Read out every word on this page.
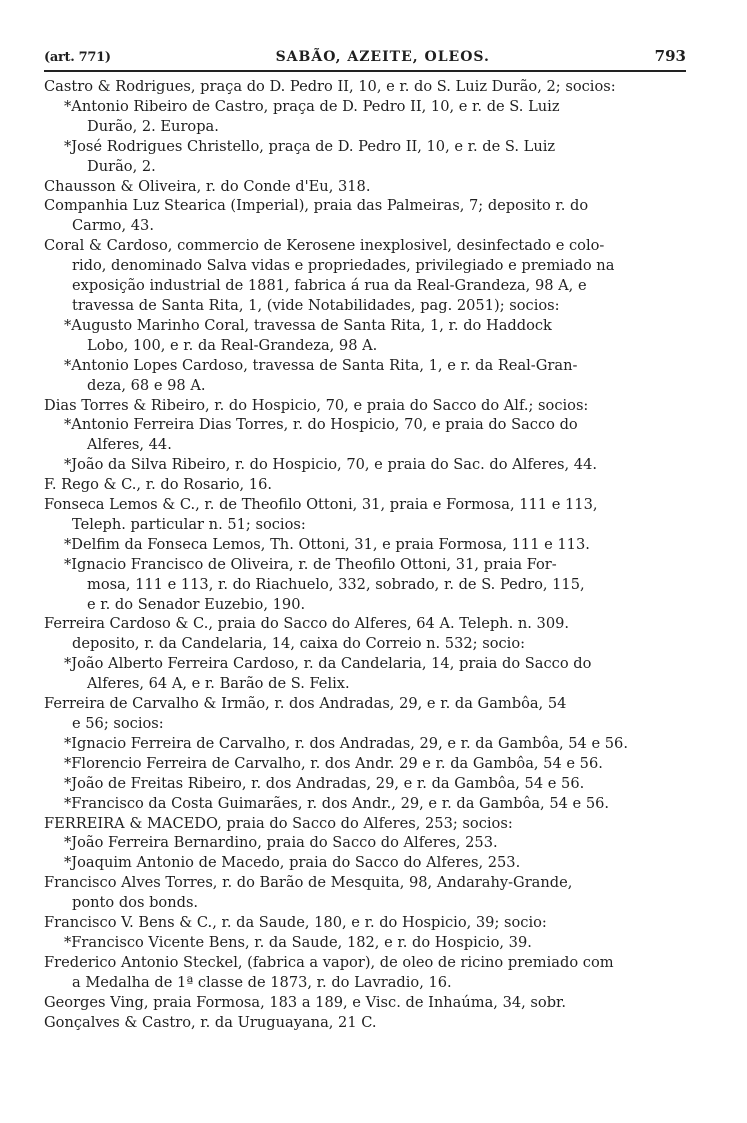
(art. 771)	SABÃO, AZEITE, OLEOS.	793
Castro & Rodrigues, praça do D. Pedro II, 10, e r. do S. Luiz Durão, 2; socios:
*Antonio Ribeiro de Castro, praça de D. Pedro II, 10, e r. de S. Luiz
Durão, 2. Europa.
*José Rodrigues Christello, praça de D. Pedro II, 10, e r. de S. Luiz
Durão, 2.
Chausson & Oliveira, r. do Conde d'Eu, 318.
Companhia Luz Stearica (Imperial), praia das Palmeiras, 7; deposito r. do
Carmo, 43.
Coral & Cardoso, commercio de Kerosene inexplosivel, desinfectado e colo-
rido, denominado Salva vidas e propriedades, privilegiado e premiado na
exposição industrial de 1881, fabrica á rua da Real-Grandeza, 98 A, e
travessa de Santa Rita, 1, (vide Notabilidades, pag. 2051); socios:
*Augusto Marinho Coral, travessa de Santa Rita, 1, r. do Haddock
Lobo, 100, e r. da Real-Grandeza, 98 A.
*Antonio Lopes Cardoso, travessa de Santa Rita, 1, e r. da Real-Gran-
deza, 68 e 98 A.
Dias Torres & Ribeiro, r. do Hospicio, 70, e praia do Sacco do Alf.; socios:
*Antonio Ferreira Dias Torres, r. do Hospicio, 70, e praia do Sacco do
Alferes, 44.
*João da Silva Ribeiro, r. do Hospicio, 70, e praia do Sac. do Alferes, 44.
F. Rego & C., r. do Rosario, 16.
Fonseca Lemos & C., r. de Theofilo Ottoni, 31, praia e Formosa, 111 e 113,
Teleph. particular n. 51; socios:
*Delfim da Fonseca Lemos, Th. Ottoni, 31, e praia Formosa, 111 e 113.
*Ignacio Francisco de Oliveira, r. de Theofilo Ottoni, 31, praia For-
mosa, 111 e 113, r. do Riachuelo, 332, sobrado, r. de S. Pedro, 115,
e r. do Senador Euzebio, 190.
Ferreira Cardoso & C., praia do Sacco do Alferes, 64 A. Teleph. n. 309.
deposito, r. da Candelaria, 14, caixa do Correio n. 532; socio:
*João Alberto Ferreira Cardoso, r. da Candelaria, 14, praia do Sacco do
Alferes, 64 A, e r. Barão de S. Felix.
Ferreira de Carvalho & Irmão, r. dos Andradas, 29, e r. da Gambôa, 54
e 56; socios:
*Ignacio Ferreira de Carvalho, r. dos Andradas, 29, e r. da Gambôa, 54 e 56.
*Florencio Ferreira de Carvalho, r. dos Andr. 29 e r. da Gambôa, 54 e 56.
*João de Freitas Ribeiro, r. dos Andradas, 29, e r. da Gambôa, 54 e 56.
*Francisco da Costa Guimarães, r. dos Andr., 29, e r. da Gambôa, 54 e 56.
FERREIRA & MACEDO, praia do Sacco do Alferes, 253; socios:
*João Ferreira Bernardino, praia do Sacco do Alferes, 253.
*Joaquim Antonio de Macedo, praia do Sacco do Alferes, 253.
Francisco Alves Torres, r. do Barão de Mesquita, 98, Andarahy-Grande,
ponto dos bonds.
Francisco V. Bens & C., r. da Saude, 180, e r. do Hospicio, 39; socio:
*Francisco Vicente Bens, r. da Saude, 182, e r. do Hospicio, 39.
Frederico Antonio Steckel, (fabrica a vapor), de oleo de ricino premiado com
a Medalha de 1ª classe de 1873, r. do Lavradio, 16.
Georges Ving, praia Formosa, 183 a 189, e Visc. de Inhaúma, 34, sobr.
Gonçalves & Castro, r. da Uruguayana, 21 C.
